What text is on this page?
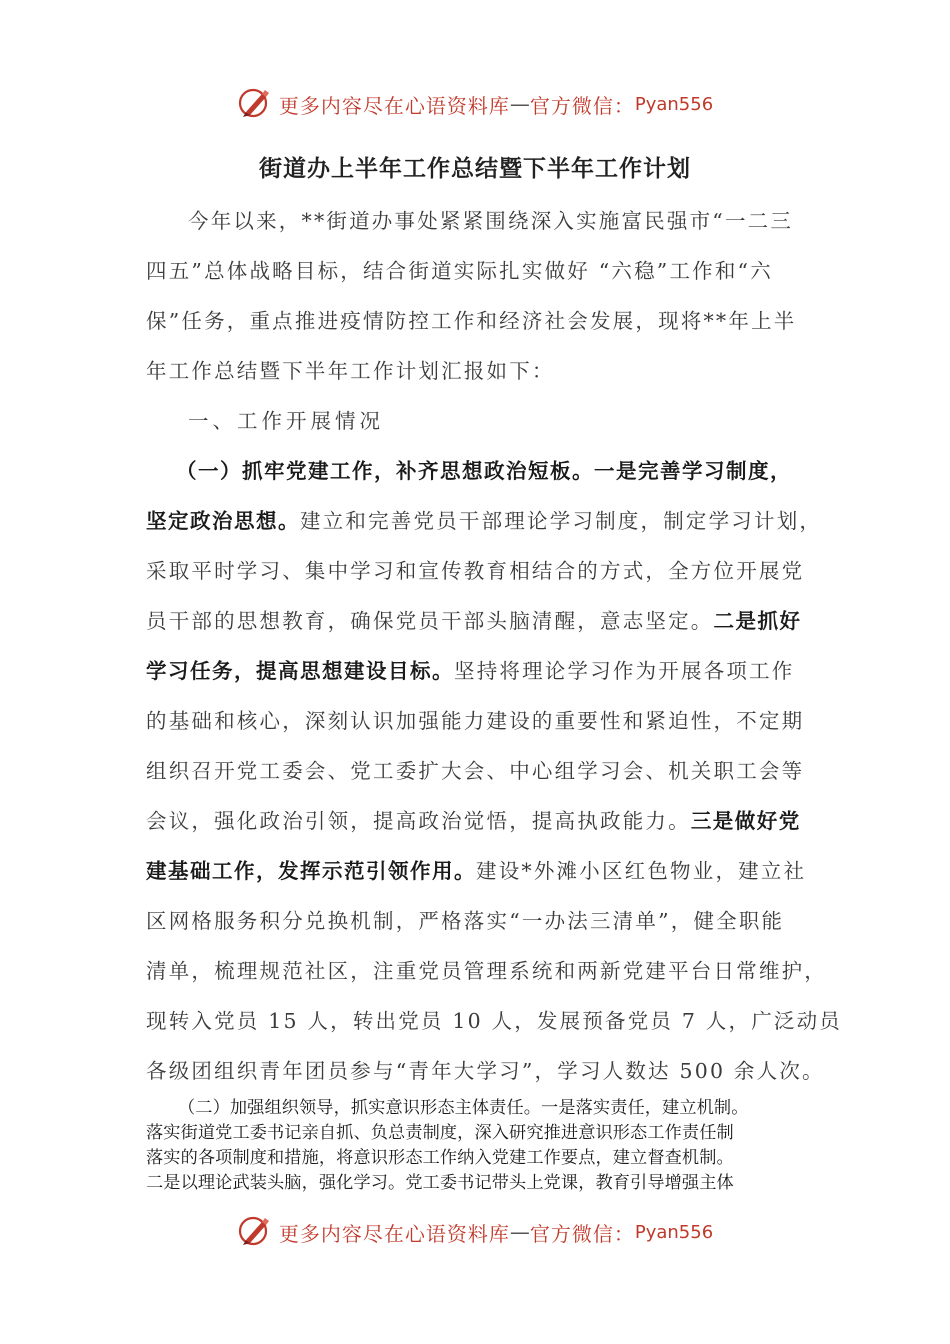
更多内容尽在心语资料库 — 官方微信： Pyan556
街道办上半年工作总结暨下半年工作计划
今年以来，**街道办事处紧紧围绕深入实施富民强市“一二三
四五”总体战略目标，结合街道实际扎实做好 “六稳”工作和“六
保”任务，重点推进疫情防控工作和经济社会发展，现将**年上半
年工作总结暨下半年工作计划汇报如下：
一、工作开展情况
（一）抓牢党建工作，补齐思想政治短板。一是完善学习制度，
坚定政治思想。建立和完善党员干部理论学习制度，制定学习计划，
采取平时学习、集中学习和宣传教育相结合的方式，全方位开展党
员干部的思想教育，确保党员干部头脑清醒，意志坚定。二是抓好
学习任务，提高思想建设目标。坚持将理论学习作为开展各项工作
的基础和核心，深刻认识加强能力建设的重要性和紧迫性，不定期
组织召开党工委会、党工委扩大会、中心组学习会、机关职工会等
会议，强化政治引领，提高政治觉悟，提高执政能力。三是做好党
建基础工作，发挥示范引领作用。建设*外滩小区红色物业，建立社
区网格服务积分兑换机制，严格落实“一办法三清单”，健全职能
清单，梳理规范社区，注重党员管理系统和两新党建平台日常维护，
现转入党员 15 人，转出党员 10 人，发展预备党员 7 人，广泛动员
各级团组织青年团员参与“青年大学习”，学习人数达 500 余人次。
（二）加强组织领导，抓实意识形态主体责任。一是落实责任，建立机制。
落实街道党工委书记亲自抓、负总责制度，深入研究推进意识形态工作责任制
落实的各项制度和措施，将意识形态工作纳入党建工作要点，建立督查机制。
二是以理论武装头脑，强化学习。党工委书记带头上党课，教育引导增强主体
更多内容尽在心语资料库 — 官方微信： Pyan556
